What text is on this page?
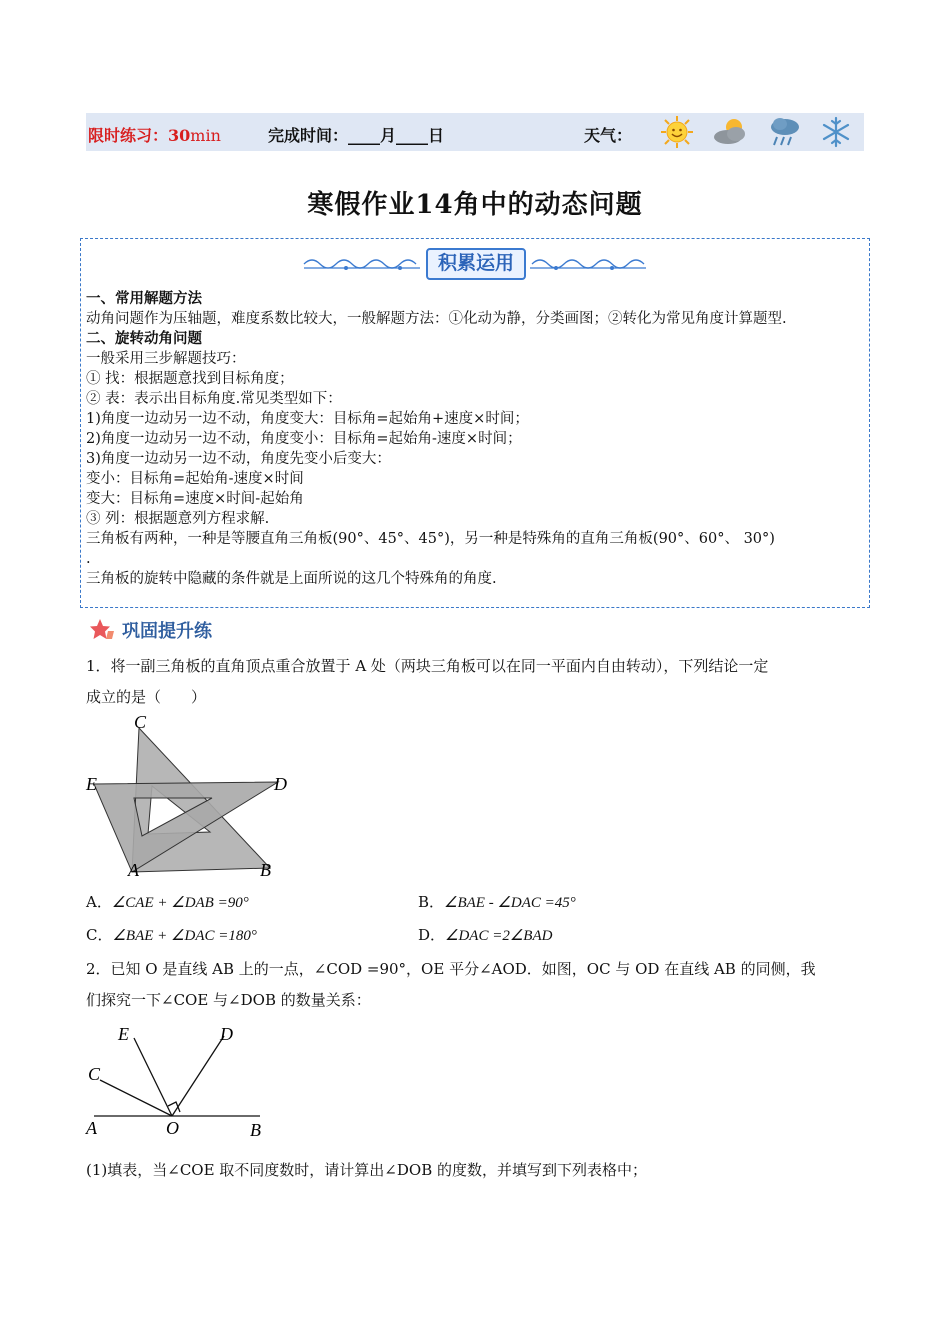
限时练习：30min	完成时间：____月____日	天气：
寒假作业14角中的动态问题
积累运用

一、常用解题方法

动角问题作为压轴题，难度系数比较大，一般解题方法：①化动为静，分类画图；②转化为常见角度计算题型.

二、旋转动角问题

一般采用三步解题技巧：

① 找：根据题意找到目标角度；

② 表：表示出目标角度.常见类型如下：

1)角度一边动另一边不动，角度变大：目标角=起始角+速度×时间；

2)角度一边动另一边不动，角度变小：目标角=起始角-速度×时间；

3)角度一边动另一边不动，角度先变小后变大：

变小：目标角=起始角-速度×时间

变大：目标角=速度×时间-起始角

③ 列：根据题意列方程求解.

三角板有两种，一种是等腰直角三角板(90°、45°、45°)，另一种是特殊角的直角三角板(90°、60°、 30°)

.

三角板的旋转中隐藏的条件就是上面所说的这几个特殊角的角度.

巩固提升练
1．将一副三角板的直角顶点重合放置于 A 处（两块三角板可以在同一平面内自由转动），下列结论一定
成立的是（　　）
C
E	D
A	B
A．∠CAE + ∠DAB =90°	B．∠BAE - ∠DAC =45°
C．∠BAE + ∠DAC =180°	D．∠DAC =2∠BAD
2．已知 O 是直线 AB 上的一点，∠COD =90°，OE 平分∠AOD．如图，OC 与 OD 在直线 AB 的同侧，我
们探究一下∠COE 与∠DOB 的数量关系：
E	D
C
A	O	B
(1)填表，当∠COE 取不同度数时，请计算出∠DOB 的度数，并填写到下列表格中；
